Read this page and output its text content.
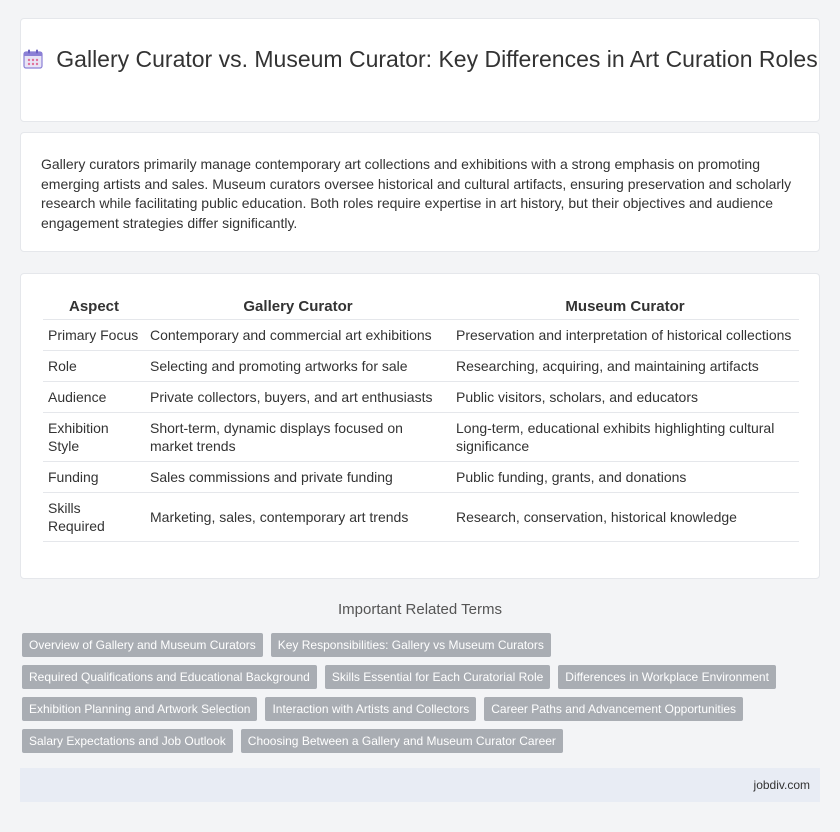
Gallery Curator vs. Museum Curator: Key Differences in Art Curation Roles

Gallery curators primarily manage contemporary art collections and exhibitions with a strong emphasis on promoting emerging artists and sales. Museum curators oversee historical and cultural artifacts, ensuring preservation and scholarly research while facilitating public education. Both roles require expertise in art history, but their objectives and audience engagement strategies differ significantly.

Aspect	Gallery Curator	Museum Curator
Primary Focus	Contemporary and commercial art exhibitions	Preservation and interpretation of historical collections
Role	Selecting and promoting artworks for sale	Researching, acquiring, and maintaining artifacts
Audience	Private collectors, buyers, and art enthusiasts	Public visitors, scholars, and educators
Exhibition Style	Short-term, dynamic displays focused on market trends	Long-term, educational exhibits highlighting cultural significance
Funding	Sales commissions and private funding	Public funding, grants, and donations
Skills Required	Marketing, sales, contemporary art trends	Research, conservation, historical knowledge
Important Related Terms
Overview of Gallery and Museum Curators	Key Responsibilities: Gallery vs Museum Curators
Required Qualifications and Educational Background	Skills Essential for Each Curatorial Role	Differences in Workplace Environment
Exhibition Planning and Artwork Selection	Interaction with Artists and Collectors	Career Paths and Advancement Opportunities
Salary Expectations and Job Outlook	Choosing Between a Gallery and Museum Curator Career
jobdiv.com
